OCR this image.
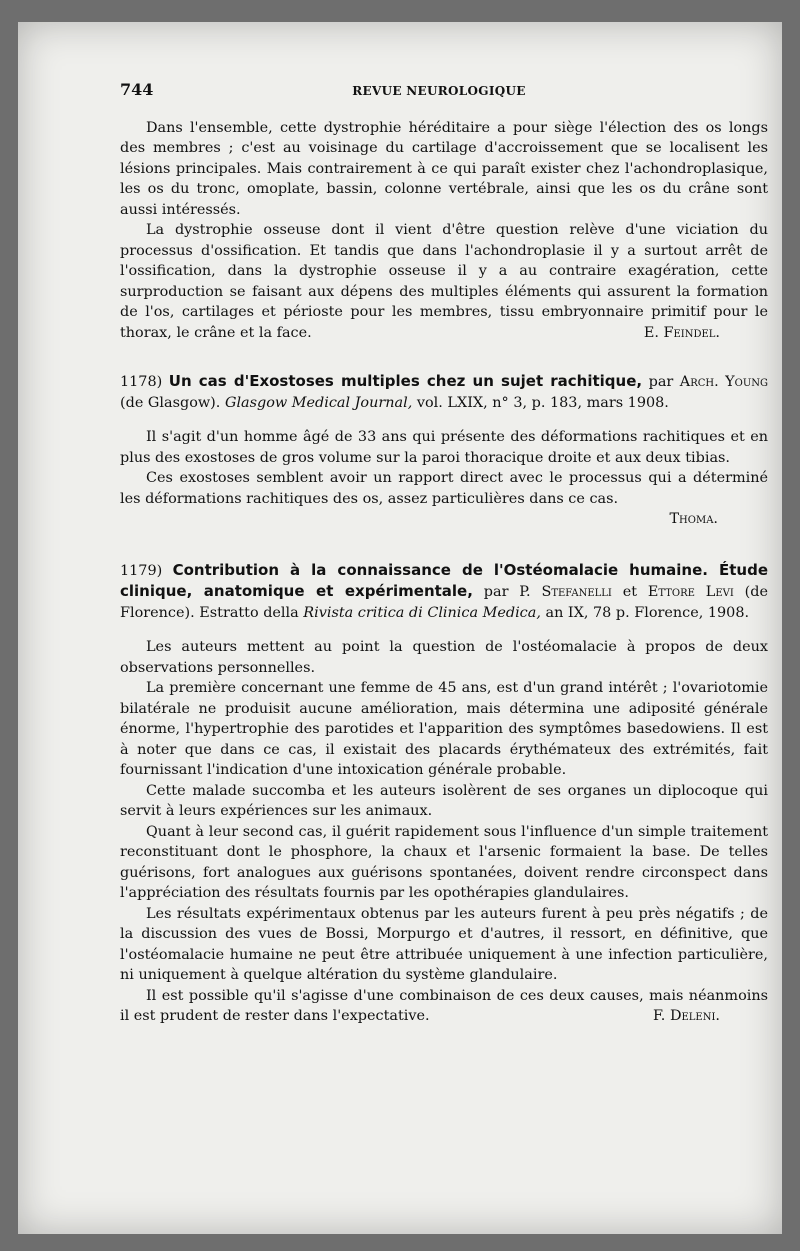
744	REVUE NEUROLOGIQUE

Dans l'ensemble, cette dystrophie héréditaire a pour siège l'élection des os longs des membres ; c'est au voisinage du cartilage d'accroissement que se localisent les lésions principales. Mais contrairement à ce qui paraît exister chez l'achondroplasique, les os du tronc, omoplate, bassin, colonne vertébrale, ainsi que les os du crâne sont aussi intéressés.

La dystrophie osseuse dont il vient d'être question relève d'une viciation du processus d'ossification. Et tandis que dans l'achondroplasie il y a surtout arrêt de l'ossification, dans la dystrophie osseuse il y a au contraire exagération, cette surproduction se faisant aux dépens des multiples éléments qui assurent la formation de l'os, cartilages et périoste pour les membres, tissu embryonnaire primitif pour le thorax, le crâne et la face.	E. Feindel.

1178) Un cas d'Exostoses multiples chez un sujet rachitique, par Arch. Young (de Glasgow). Glasgow Medical Journal, vol. LXIX, n° 3, p. 183, mars 1908.

Il s'agit d'un homme âgé de 33 ans qui présente des déformations rachitiques et en plus des exostoses de gros volume sur la paroi thoracique droite et aux deux tibias.

Ces exostoses semblent avoir un rapport direct avec le processus qui a déterminé les déformations rachitiques des os, assez particulières dans ce cas.

Thoma.
1179) Contribution à la connaissance de l'Ostéomalacie humaine. Étude clinique, anatomique et expérimentale, par P. Stefanelli et Ettore Levi (de Florence). Estratto della Rivista critica di Clinica Medica, an IX, 78 p. Florence, 1908.

Les auteurs mettent au point la question de l'ostéomalacie à propos de deux observations personnelles.

La première concernant une femme de 45 ans, est d'un grand intérêt ; l'ovariotomie bilatérale ne produisit aucune amélioration, mais détermina une adiposité générale énorme, l'hypertrophie des parotides et l'apparition des symptômes basedowiens. Il est à noter que dans ce cas, il existait des placards érythémateux des extrémités, fait fournissant l'indication d'une intoxication générale probable.

Cette malade succomba et les auteurs isolèrent de ses organes un diplocoque qui servit à leurs expériences sur les animaux.

Quant à leur second cas, il guérit rapidement sous l'influence d'un simple traitement reconstituant dont le phosphore, la chaux et l'arsenic formaient la base. De telles guérisons, fort analogues aux guérisons spontanées, doivent rendre circonspect dans l'appréciation des résultats fournis par les opothérapies glandulaires.

Les résultats expérimentaux obtenus par les auteurs furent à peu près négatifs ; de la discussion des vues de Bossi, Morpurgo et d'autres, il ressort, en définitive, que l'ostéomalacie humaine ne peut être attribuée uniquement à une infection particulière, ni uniquement à quelque altération du système glandulaire.

Il est possible qu'il s'agisse d'une combinaison de ces deux causes, mais néanmoins il est prudent de rester dans l'expectative.	F. Deleni.
